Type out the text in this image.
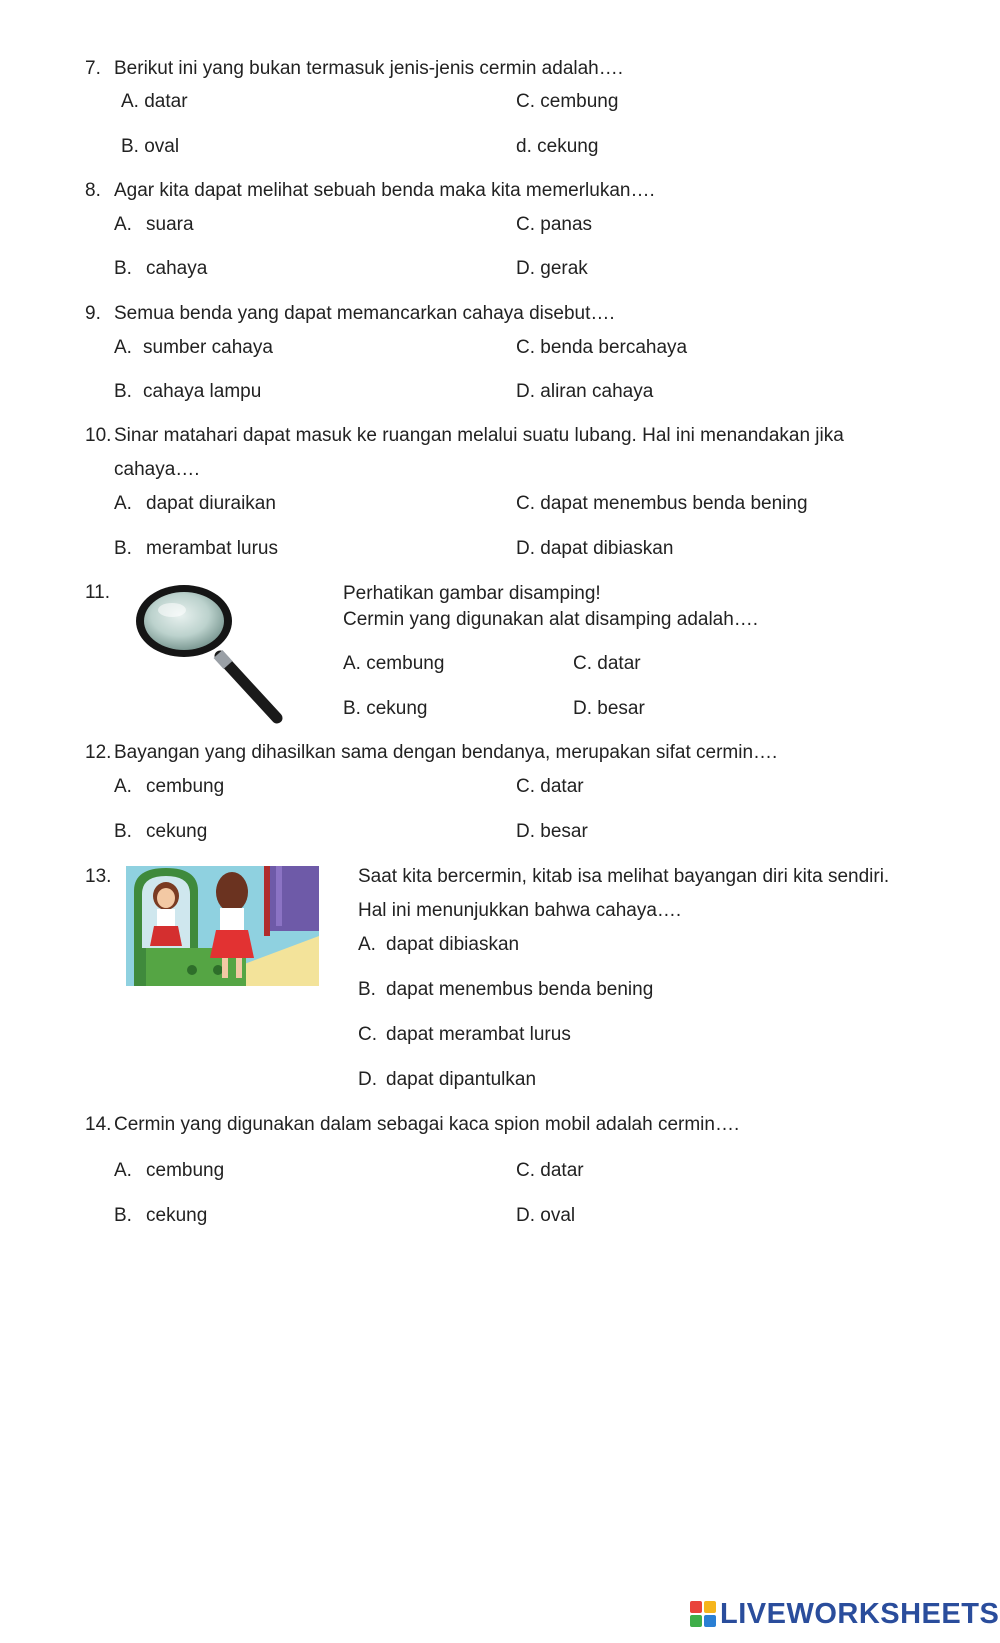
7. Berikut ini yang bukan termasuk jenis-jenis cermin adalah….
A. datar	C. cembung
B. oval	d. cekung
8. Agar kita dapat melihat sebuah benda maka kita memerlukan….
A. suara	C. panas
B. cahaya	D. gerak
9. Semua benda yang dapat memancarkan cahaya disebut….
A. sumber cahaya	C. benda bercahaya
B. cahaya lampu	D. aliran cahaya
10. Sinar matahari dapat masuk ke ruangan melalui suatu lubang. Hal ini menandakan jika
cahaya….
A. dapat diuraikan	C. dapat menembus benda bening
B. merambat lurus	D. dapat dibiaskan
11.	Perhatikan gambar disamping!
Cermin yang digunakan alat disamping adalah….
A. cembung	C. datar
B. cekung	D. besar
12. Bayangan yang dihasilkan sama dengan bendanya, merupakan sifat cermin….
A. cembung	C. datar
B. cekung	D. besar
13.	Saat kita bercermin, kitab isa melihat bayangan diri kita sendiri.
Hal ini menunjukkan bahwa cahaya….
A. dapat dibiaskan
B. dapat menembus benda bening
C. dapat merambat lurus
D. dapat dipantulkan
14. Cermin yang digunakan dalam sebagai kaca spion mobil adalah cermin….
A. cembung	C. datar
B. cekung	D. oval
LIVEWORKSHEETS
